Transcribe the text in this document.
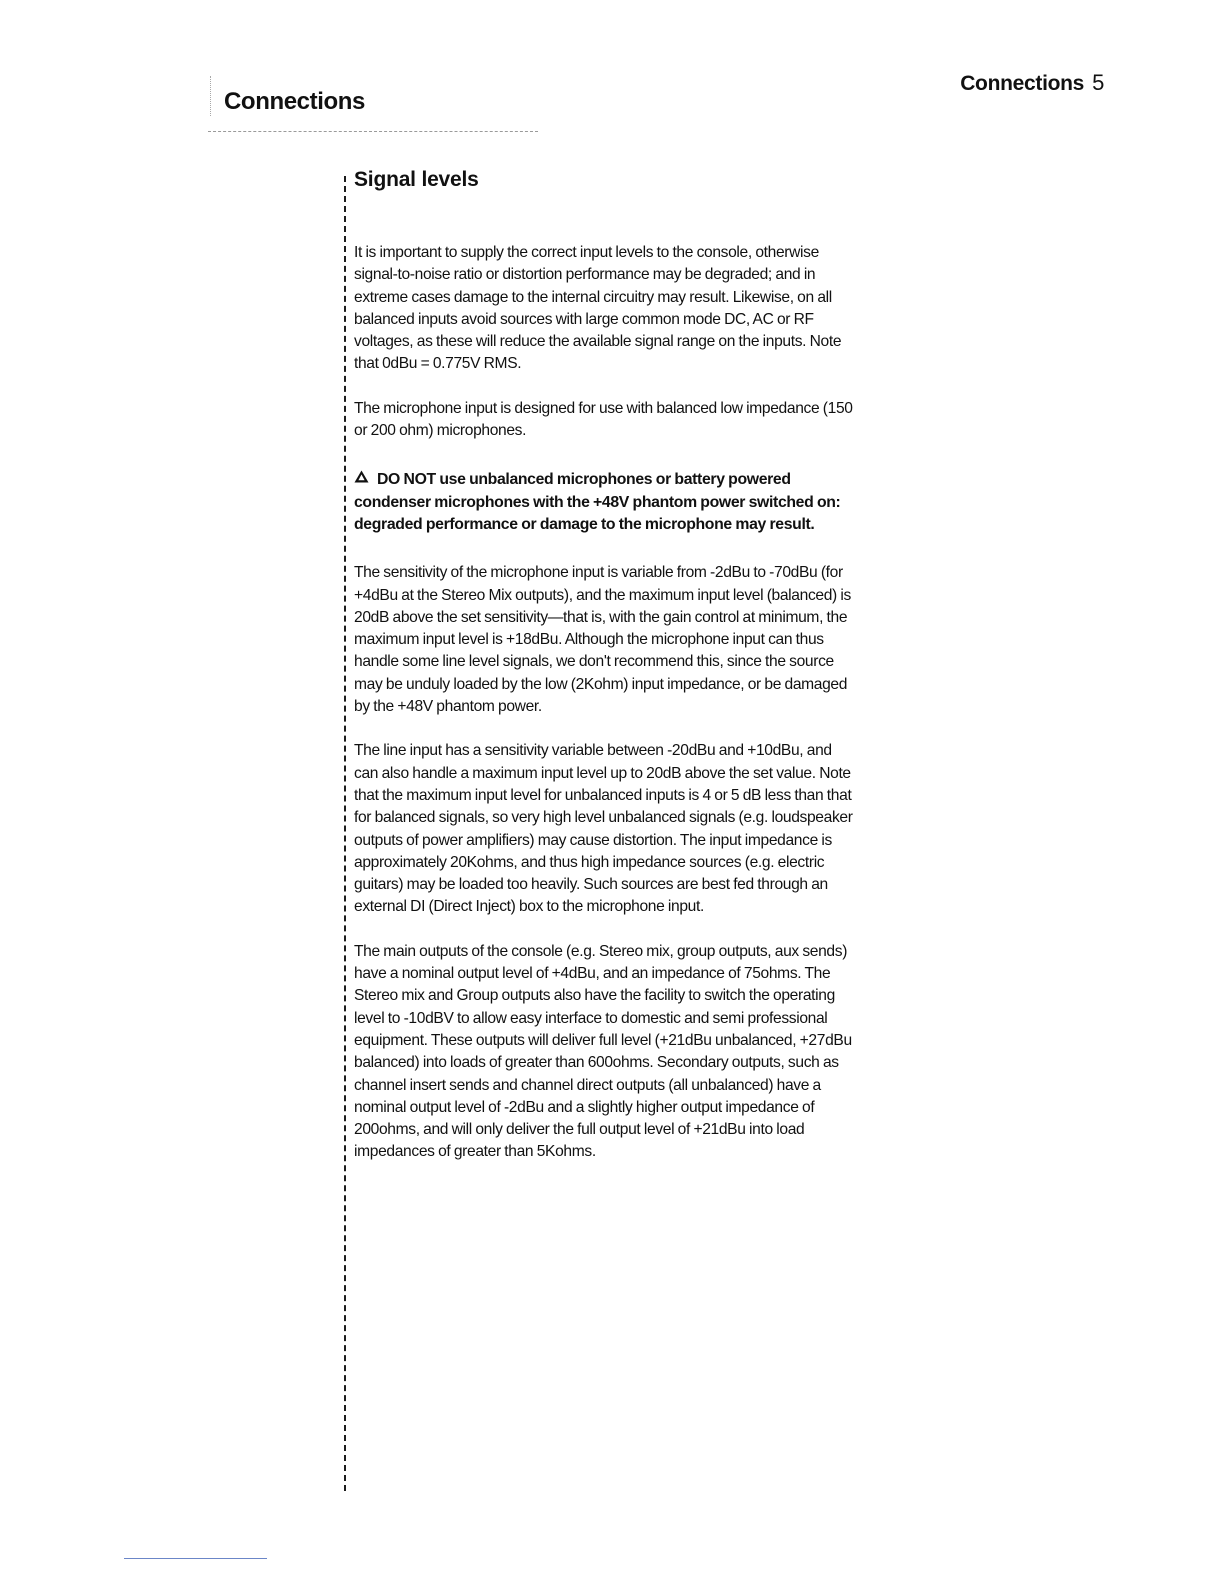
Connections 5
Connections
Signal levels

It is important to supply the correct input levels to the console, otherwise signal-to-noise ratio or distortion performance may be degraded; and in extreme cases damage to the internal circuitry may result. Likewise, on all balanced inputs avoid sources with large common mode DC, AC or RF voltages, as these will reduce the available signal range on the inputs. Note that 0dBu = 0.775V RMS.

The microphone input is designed for use with balanced low impedance (150 or 200 ohm) microphones.

DO NOT use unbalanced microphones or battery powered condenser microphones with the +48V phantom power switched on: degraded performance or damage to the microphone may result.

The sensitivity of the microphone input is variable from -2dBu to -70dBu (for +4dBu at the Stereo Mix outputs), and the maximum input level (balanced) is 20dB above the set sensitivity—that is, with the gain control at minimum, the maximum input level is +18dBu. Although the microphone input can thus handle some line level signals, we don't recommend this, since the source may be unduly loaded by the low (2Kohm) input impedance, or be damaged by the +48V phantom power.

The line input has a sensitivity variable between -20dBu and +10dBu, and can also handle a maximum input level up to 20dB above the set value. Note that the maximum input level for unbalanced inputs is 4 or 5 dB less than that for balanced signals, so very high level unbalanced signals (e.g. loudspeaker outputs of power amplifiers) may cause distortion. The input impedance is approximately 20Kohms, and thus high impedance sources (e.g. electric guitars) may be loaded too heavily. Such sources are best fed through an external DI (Direct Inject) box to the microphone input.

The main outputs of the console (e.g. Stereo mix, group outputs, aux sends) have a nominal output level of +4dBu, and an impedance of 75ohms. The Stereo mix and Group outputs also have the facility to switch the operating level to -10dBV to allow easy interface to domestic and semi professional equipment. These outputs will deliver full level (+21dBu unbalanced, +27dBu balanced) into loads of greater than 600ohms. Secondary outputs, such as channel insert sends and channel direct outputs (all unbalanced) have a nominal output level of -2dBu and a slightly higher output impedance of 200ohms, and will only deliver the full output level of +21dBu into load impedances of greater than 5Kohms.
